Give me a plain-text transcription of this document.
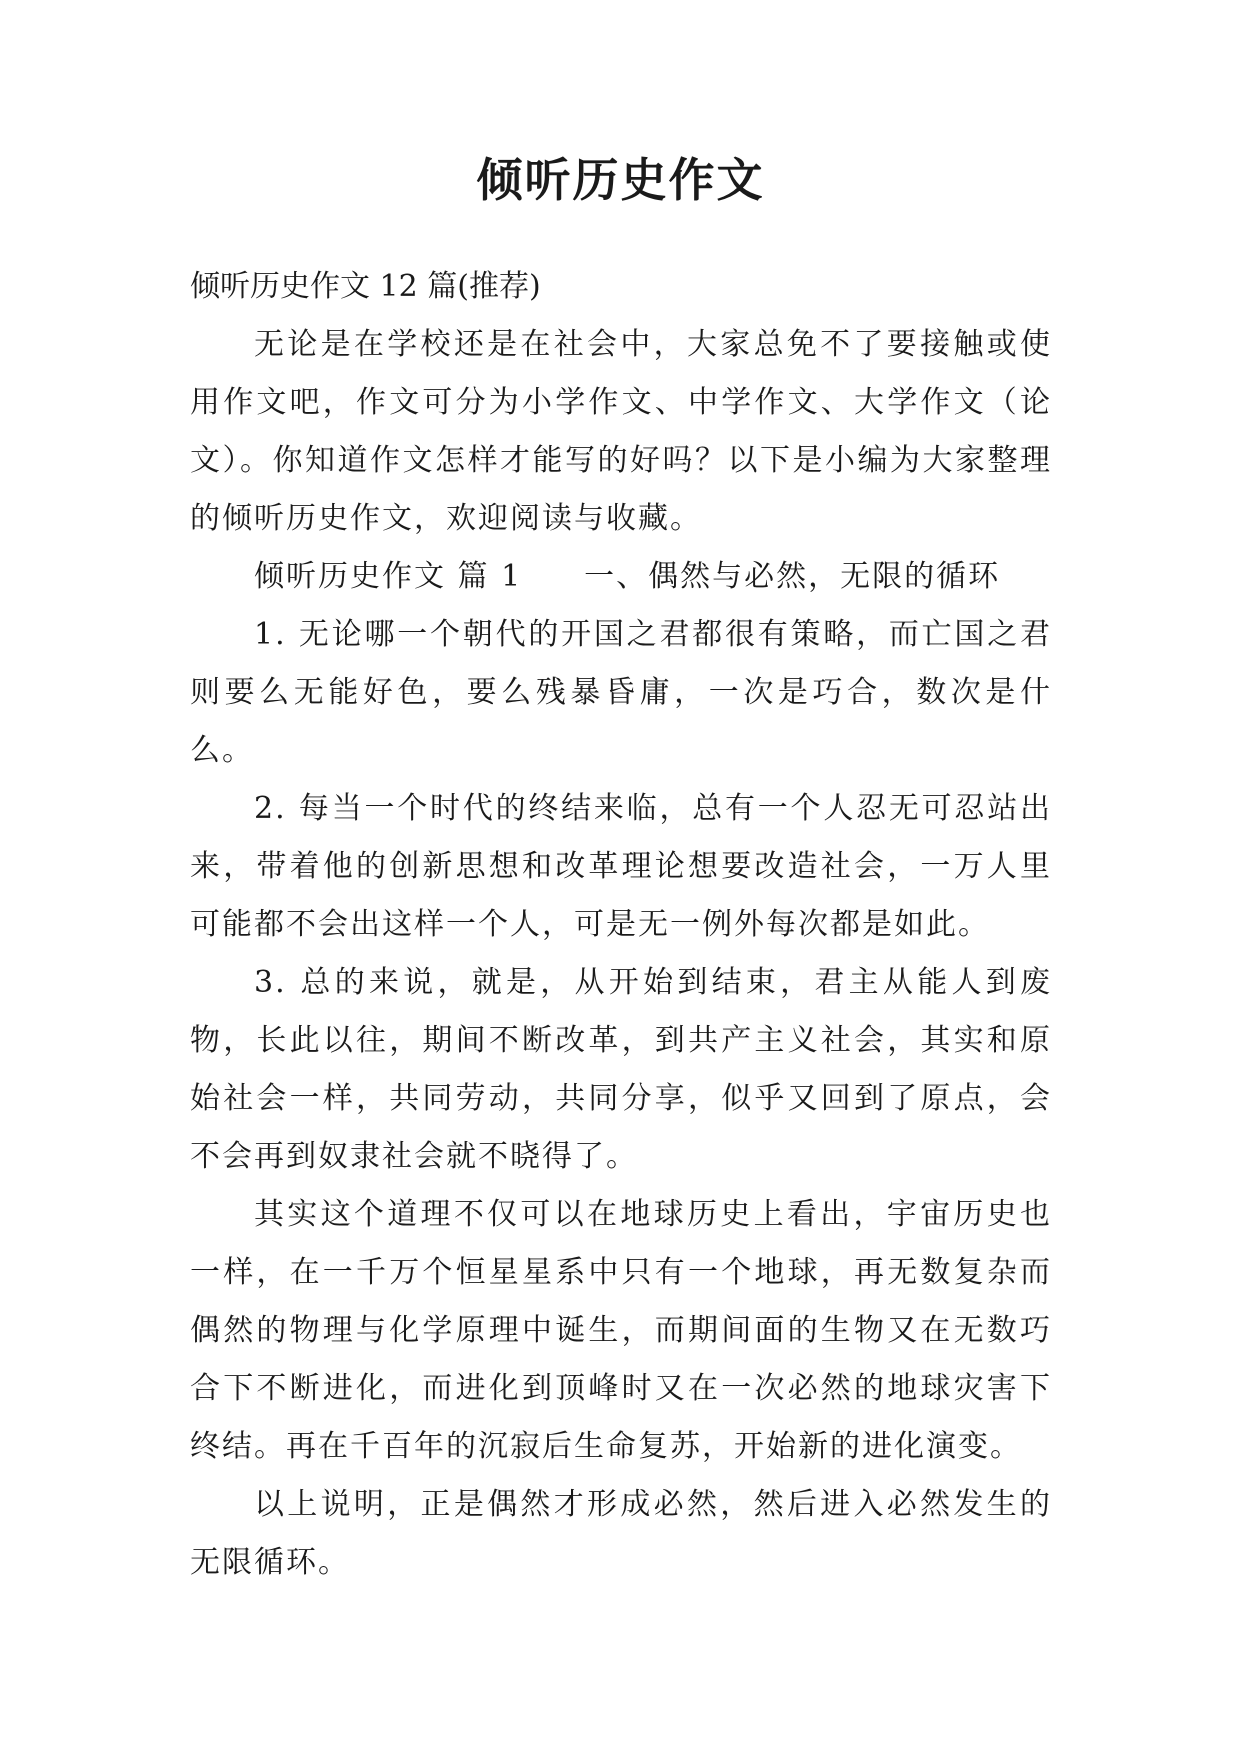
倾听历史作文

倾听历史作文 12 篇(推荐)

无论是在学校还是在社会中，大家总免不了要接触或使用作文吧，作文可分为小学作文、中学作文、大学作文（论文）。你知道作文怎样才能写的好吗？以下是小编为大家整理的倾听历史作文，欢迎阅读与收藏。

倾听历史作文 篇 1 一、偶然与必然，无限的循环

1. 无论哪一个朝代的开国之君都很有策略，而亡国之君则要么无能好色，要么残暴昏庸，一次是巧合，数次是什么。

2. 每当一个时代的终结来临，总有一个人忍无可忍站出来，带着他的创新思想和改革理论想要改造社会，一万人里可能都不会出这样一个人，可是无一例外每次都是如此。

3. 总的来说，就是，从开始到结束，君主从能人到废物，长此以往，期间不断改革，到共产主义社会，其实和原始社会一样，共同劳动，共同分享，似乎又回到了原点，会不会再到奴隶社会就不晓得了。

其实这个道理不仅可以在地球历史上看出，宇宙历史也一样，在一千万个恒星星系中只有一个地球，再无数复杂而偶然的物理与化学原理中诞生，而期间面的生物又在无数巧合下不断进化，而进化到顶峰时又在一次必然的地球灾害下终结。再在千百年的沉寂后生命复苏，开始新的进化演变。

以上说明，正是偶然才形成必然，然后进入必然发生的无限循环。
